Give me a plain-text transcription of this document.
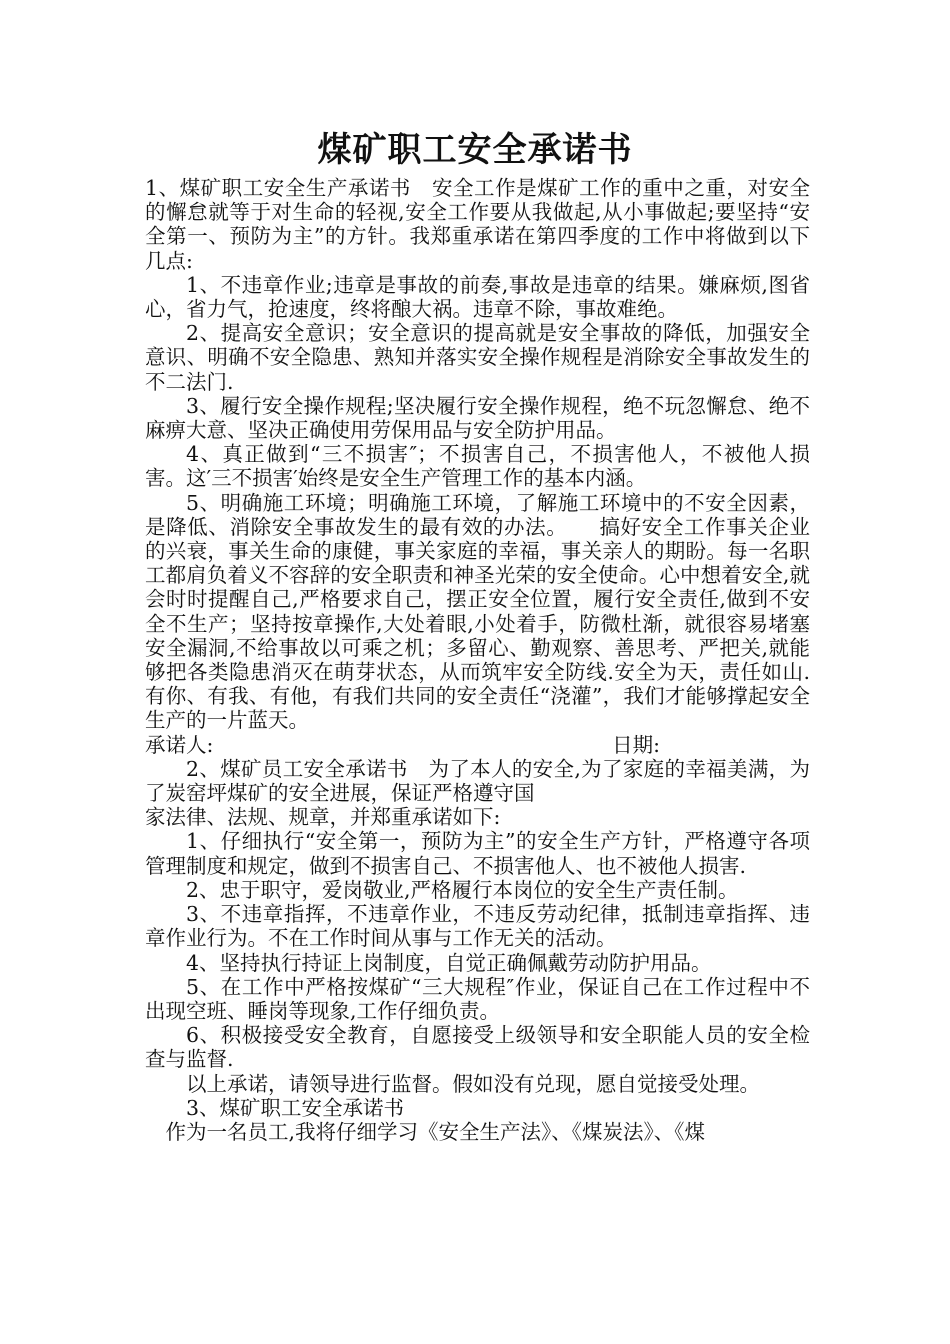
煤矿职工安全承诺书

1、煤矿职工安全生产承诺书　安全工作是煤矿工作的重中之重，对安全的懈怠就等于对生命的轻视,安全工作要从我做起,从小事做起;要坚持“安全第一、预防为主”的方针。我郑重承诺在第四季度的工作中将做到以下几点:

1、不违章作业;违章是事故的前奏,事故是违章的结果。嫌麻烦,图省心，省力气，抢速度，终将酿大祸。违章不除，事故难绝。

2、提高安全意识；安全意识的提高就是安全事故的降低，加强安全意识、明确不安全隐患、熟知并落实安全操作规程是消除安全事故发生的不二法门.

3、履行安全操作规程;坚决履行安全操作规程，绝不玩忽懈怠、绝不麻痹大意、坚决正确使用劳保用品与安全防护用品。

4、真正做到“三不损害″；不损害自己，不损害他人，不被他人损害。这′三不损害′始终是安全生产管理工作的基本内涵。

5、明确施工环境；明确施工环境，了解施工环境中的不安全因素，是降低、消除安全事故发生的最有效的办法。　　搞好安全工作事关企业的兴衰，事关生命的康健，事关家庭的幸福，事关亲人的期盼。每一名职工都肩负着义不容辞的安全职责和神圣光荣的安全使命。心中想着安全,就会时时提醒自己,严格要求自己，摆正安全位置，履行安全责任,做到不安全不生产；坚持按章操作,大处着眼,小处着手，防微杜渐，就很容易堵塞安全漏洞,不给事故以可乘之机；多留心、勤观察、善思考、严把关,就能够把各类隐患消灭在萌芽状态，从而筑牢安全防线.安全为天，责任如山.有你、有我、有他，有我们共同的安全责任“浇灌”，我们才能够撑起安全生产的一片蓝天。

承诺人:	日期:

2、煤矿员工安全承诺书　为了本人的安全,为了家庭的幸福美满，为了炭窑坪煤矿的安全进展，保证严格遵守国

家法律、法规、规章，并郑重承诺如下:

1、仔细执行“安全第一，预防为主”的安全生产方针，严格遵守各项管理制度和规定，做到不损害自己、不损害他人、也不被他人损害.

2、忠于职守，爱岗敬业,严格履行本岗位的安全生产责任制。

3、不违章指挥，不违章作业，不违反劳动纪律，抵制违章指挥、违章作业行为。不在工作时间从事与工作无关的活动。

4、坚持执行持证上岗制度，自觉正确佩戴劳动防护用品。

5、在工作中严格按煤矿“三大规程″作业，保证自己在工作过程中不出现空班、睡岗等现象,工作仔细负责。

6、积极接受安全教育，自愿接受上级领导和安全职能人员的安全检查与监督.

以上承诺，请领导进行监督。假如没有兑现，愿自觉接受处理。

3、煤矿职工安全承诺书

作为一名员工,我将仔细学习《安全生产法》、《煤炭法》、《煤
